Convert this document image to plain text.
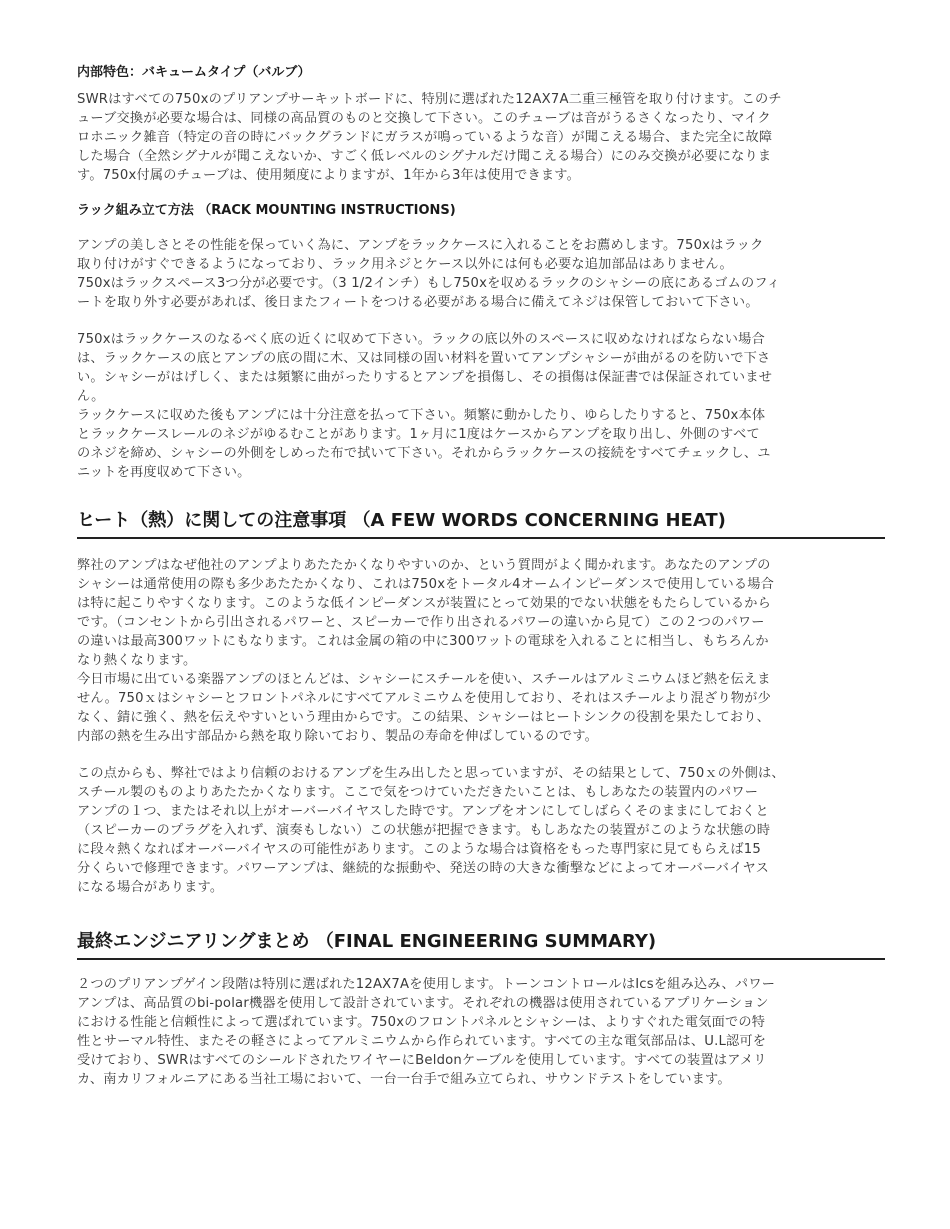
内部特色：バキュームタイプ（バルブ）
SWRはすべての750xのプリアンプサーキットボードに、特別に選ばれた12AX7A二重三極管を取り付けます。このチ
ューブ交換が必要な場合は、同様の高品質のものと交換して下さい。このチューブは音がうるさくなったり、マイク
ロホニック雑音（特定の音の時にバックグランドにガラスが鳴っているような音）が聞こえる場合、また完全に故障
した場合（全然シグナルが聞こえないか、すごく低レベルのシグナルだけ聞こえる場合）にのみ交換が必要になりま
す。750x付属のチューブは、使用頻度によりますが、1年から3年は使用できます。
ラック組み立て方法 （RACK MOUNTING INSTRUCTIONS)
アンプの美しさとその性能を保っていく為に、アンプをラックケースに入れることをお薦めします。750xはラック
取り付けがすぐできるようになっており、ラック用ネジとケース以外には何も必要な追加部品はありません。
750xはラックスペース3つ分が必要です。（3 1/2インチ）もし750xを収めるラックのシャシーの底にあるゴムのフィ
ートを取り外す必要があれば、後日またフィートをつける必要がある場合に備えてネジは保管しておいて下さい。
750xはラックケースのなるべく底の近くに収めて下さい。ラックの底以外のスペースに収めなければならない場合
は、ラックケースの底とアンプの底の間に木、又は同様の固い材料を置いてアンプシャシーが曲がるのを防いで下さ
い。シャシーがはげしく、または頻繁に曲がったりするとアンプを損傷し、その損傷は保証書では保証されていませ
ん。
ラックケースに収めた後もアンプには十分注意を払って下さい。頻繁に動かしたり、ゆらしたりすると、750x本体
とラックケースレールのネジがゆるむことがあります。1ヶ月に1度はケースからアンプを取り出し、外側のすべて
のネジを締め、シャシーの外側をしめった布で拭いて下さい。それからラックケースの接続をすべてチェックし、ユ
ニットを再度収めて下さい。
ヒート（熱）に関しての注意事項 （A FEW WORDS CONCERNING HEAT)
弊社のアンプはなぜ他社のアンプよりあたたかくなりやすいのか、という質問がよく聞かれます。あなたのアンプの
シャシーは通常使用の際も多少あたたかくなり、これは750xをトータル4オームインピーダンスで使用している場合
は特に起こりやすくなります。このような低インピーダンスが装置にとって効果的でない状態をもたらしているから
です。（コンセントから引出されるパワーと、スピーカーで作り出されるパワーの違いから見て）この２つのパワー
の違いは最高300ワットにもなります。これは金属の箱の中に300ワットの電球を入れることに相当し、もちろんか
なり熱くなります。
今日市場に出ている楽器アンプのほとんどは、シャシーにスチールを使い、スチールはアルミニウムほど熱を伝えま
せん。750ｘはシャシーとフロントパネルにすべてアルミニウムを使用しており、それはスチールより混ざり物が少
なく、錆に強く、熱を伝えやすいという理由からです。この結果、シャシーはヒートシンクの役割を果たしており、
内部の熱を生み出す部品から熱を取り除いており、製品の寿命を伸ばしているのです。
この点からも、弊社ではより信頼のおけるアンプを生み出したと思っていますが、その結果として、750ｘの外側は、
スチール製のものよりあたたかくなります。ここで気をつけていただきたいことは、もしあなたの装置内のパワー
アンプの１つ、またはそれ以上がオーバーバイヤスした時です。アンプをオンにしてしばらくそのままにしておくと
（スピーカーのプラグを入れず、演奏もしない）この状態が把握できます。もしあなたの装置がこのような状態の時
に段々熱くなればオーバーバイヤスの可能性があります。このような場合は資格をもった専門家に見てもらえば15
分くらいで修理できます。パワーアンプは、継続的な振動や、発送の時の大きな衝撃などによってオーバーバイヤス
になる場合があります。
最終エンジニアリングまとめ （FINAL ENGINEERING SUMMARY)
２つのプリアンプゲイン段階は特別に選ばれた12AX7Aを使用します。トーンコントロールはIcsを組み込み、パワー
アンプは、高品質のbi-polar機器を使用して設計されています。それぞれの機器は使用されているアプリケーション
における性能と信頼性によって選ばれています。750xのフロントパネルとシャシーは、よりすぐれた電気面での特
性とサーマル特性、またその軽さによってアルミニウムから作られています。すべての主な電気部品は、U.L認可を
受けており、SWRはすべてのシールドされたワイヤーにBeldonケーブルを使用しています。すべての装置はアメリ
カ、南カリフォルニアにある当社工場において、一台一台手で組み立てられ、サウンドテストをしています。
